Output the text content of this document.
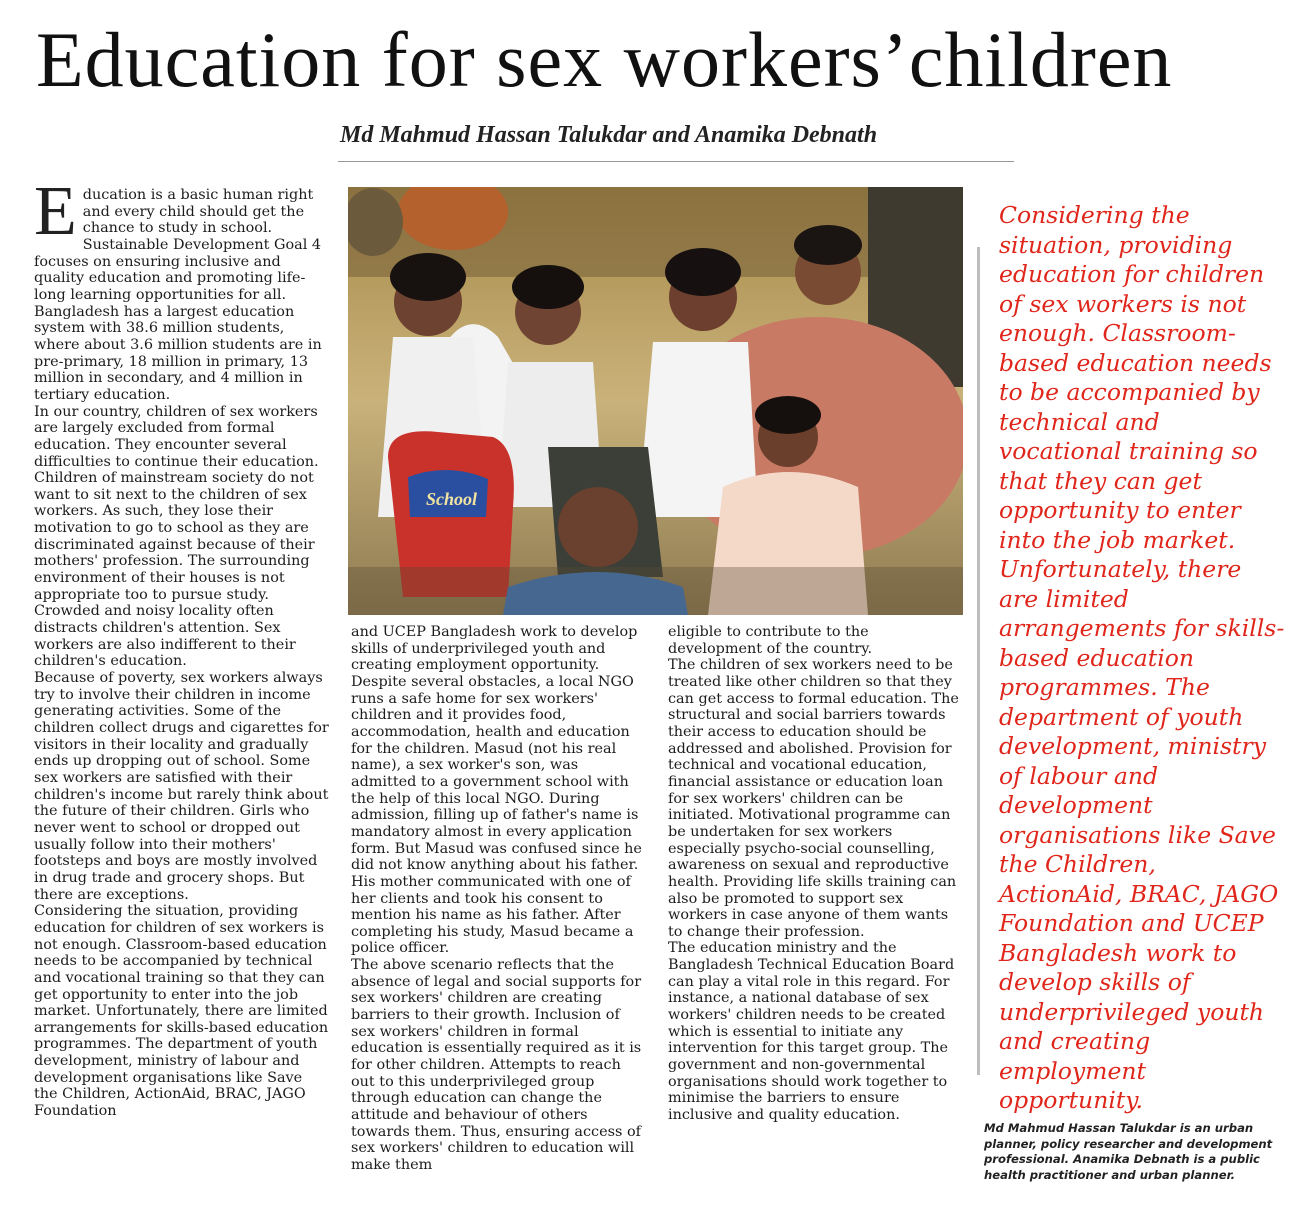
Education for sex workers’children
Md Mahmud Hassan Talukdar and Anamika Debnath

Education is a basic human right and every child should get the chance to study in school. Sustainable Development Goal 4 focuses on ensuring inclusive and quality education and promoting life-long learning opportunities for all. Bangladesh has a largest education system with 38.6 million students, where about 3.6 million students are in pre-primary, 18 million in primary, 13 million in secondary, and 4 million in tertiary education.

In our country, children of sex workers are largely excluded from formal education. They encounter several difficulties to continue their education. Children of mainstream society do not want to sit next to the children of sex workers. As such, they lose their motivation to go to school as they are discriminated against because of their mothers' profession. The surrounding environment of their houses is not appropriate too to pursue study. Crowded and noisy locality often distracts children's attention. Sex workers are also indifferent to their children's education.

Because of poverty, sex workers always try to involve their children in income generating activities. Some of the children collect drugs and cigarettes for visitors in their locality and gradually ends up dropping out of school. Some sex workers are satisfied with their children's income but rarely think about the future of their children. Girls who never went to school or dropped out usually follow into their mothers' footsteps and boys are mostly involved in drug trade and grocery shops. But there are exceptions.

Considering the situation, providing education for children of sex workers is not enough. Classroom-based education needs to be accompanied by technical and vocational training so that they can get opportunity to enter into the job market. Unfortunately, there are limited arrangements for skills-based education programmes. The department of youth development, ministry of labour and development organisations like Save the Children, ActionAid, BRAC, JAGO Foundation

School

and UCEP Bangladesh work to develop skills of underprivileged youth and creating employment opportunity.

Despite several obstacles, a local NGO runs a safe home for sex workers' children and it provides food, accommodation, health and education for the children. Masud (not his real name), a sex worker's son, was admitted to a government school with the help of this local NGO. During admission, filling up of father's name is mandatory almost in every application form. But Masud was confused since he did not know anything about his father. His mother communicated with one of her clients and took his consent to mention his name as his father. After completing his study, Masud became a police officer.

The above scenario reflects that the absence of legal and social supports for sex workers' children are creating barriers to their growth. Inclusion of sex workers' children in formal education is essentially required as it is for other children. Attempts to reach out to this underprivileged group through education can change the attitude and behaviour of others towards them. Thus, ensuring access of sex workers' children to education will make them

eligible to contribute to the development of the country.

The children of sex workers need to be treated like other children so that they can get access to formal education. The structural and social barriers towards their access to education should be addressed and abolished. Provision for technical and vocational education, financial assistance or education loan for sex workers' children can be initiated. Motivational programme can be undertaken for sex workers especially psycho-social counselling, awareness on sexual and reproductive health. Providing life skills training can also be promoted to support sex workers in case anyone of them wants to change their profession.

The education ministry and the Bangladesh Technical Education Board can play a vital role in this regard. For instance, a national database of sex workers' children needs to be created which is essential to initiate any intervention for this target group. The government and non-governmental organisations should work together to minimise the barriers to ensure inclusive and quality education.

Considering the situation, providing education for children of sex workers is not enough. Classroom-based education needs to be accompanied by technical and vocational training so that they can get opportunity to enter into the job market. Unfortunately, there are limited arrangements for skills-based education programmes. The department of youth development, ministry of labour and development organisations like Save the Children, ActionAid, BRAC, JAGO Foundation and UCEP Bangladesh work to develop skills of underprivileged youth and creating employment opportunity.
Md Mahmud Hassan Talukdar is an urban planner, policy researcher and development professional. Anamika Debnath is a public health practitioner and urban planner.
